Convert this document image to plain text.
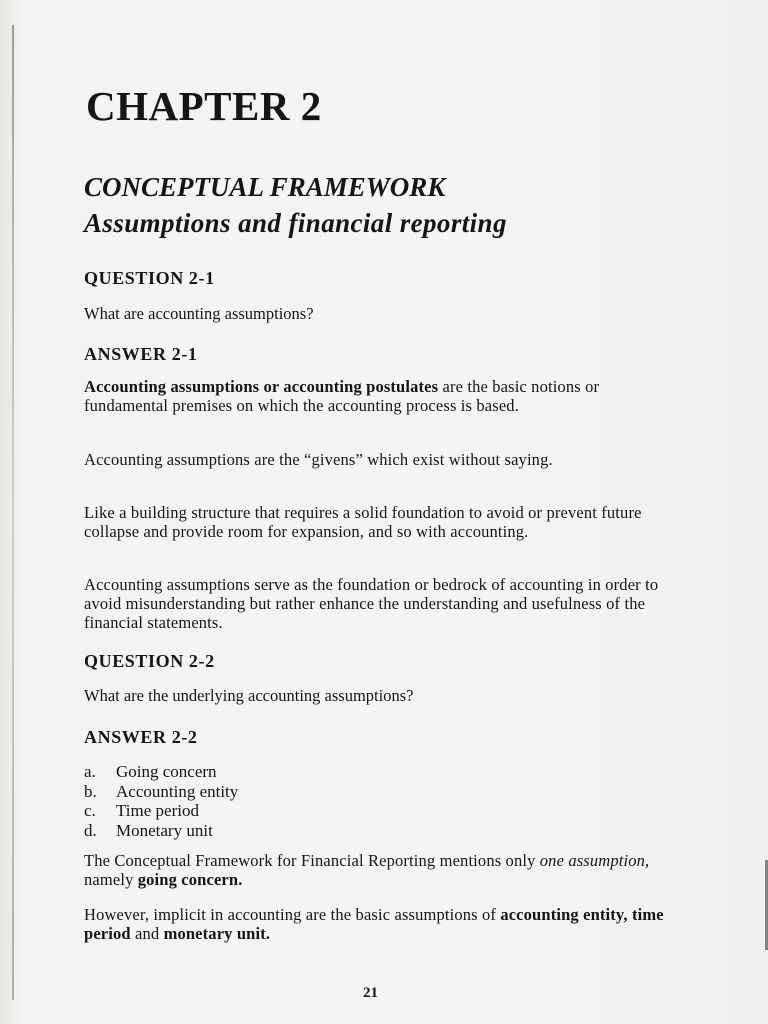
CHAPTER 2
CONCEPTUAL FRAMEWORK
Assumptions and financial reporting
QUESTION 2-1

What are accounting assumptions?

ANSWER 2-1

Accounting assumptions or accounting postulates are the basic notions or fundamental premises on which the accounting process is based.

Accounting assumptions are the “givens” which exist without saying.

Like a building structure that requires a solid foundation to avoid or prevent future collapse and provide room for expansion, and so with accounting.

Accounting assumptions serve as the foundation or bedrock of accounting in order to avoid misunderstanding but rather enhance the understanding and usefulness of the financial statements.

QUESTION 2-2

What are the underlying accounting assumptions?

ANSWER 2-2
a. Going concern
b. Accounting entity
c. Time period
d. Monetary unit

The Conceptual Framework for Financial Reporting mentions only one assumption, namely going concern.

However, implicit in accounting are the basic assumptions of accounting entity, time period and monetary unit.

21
